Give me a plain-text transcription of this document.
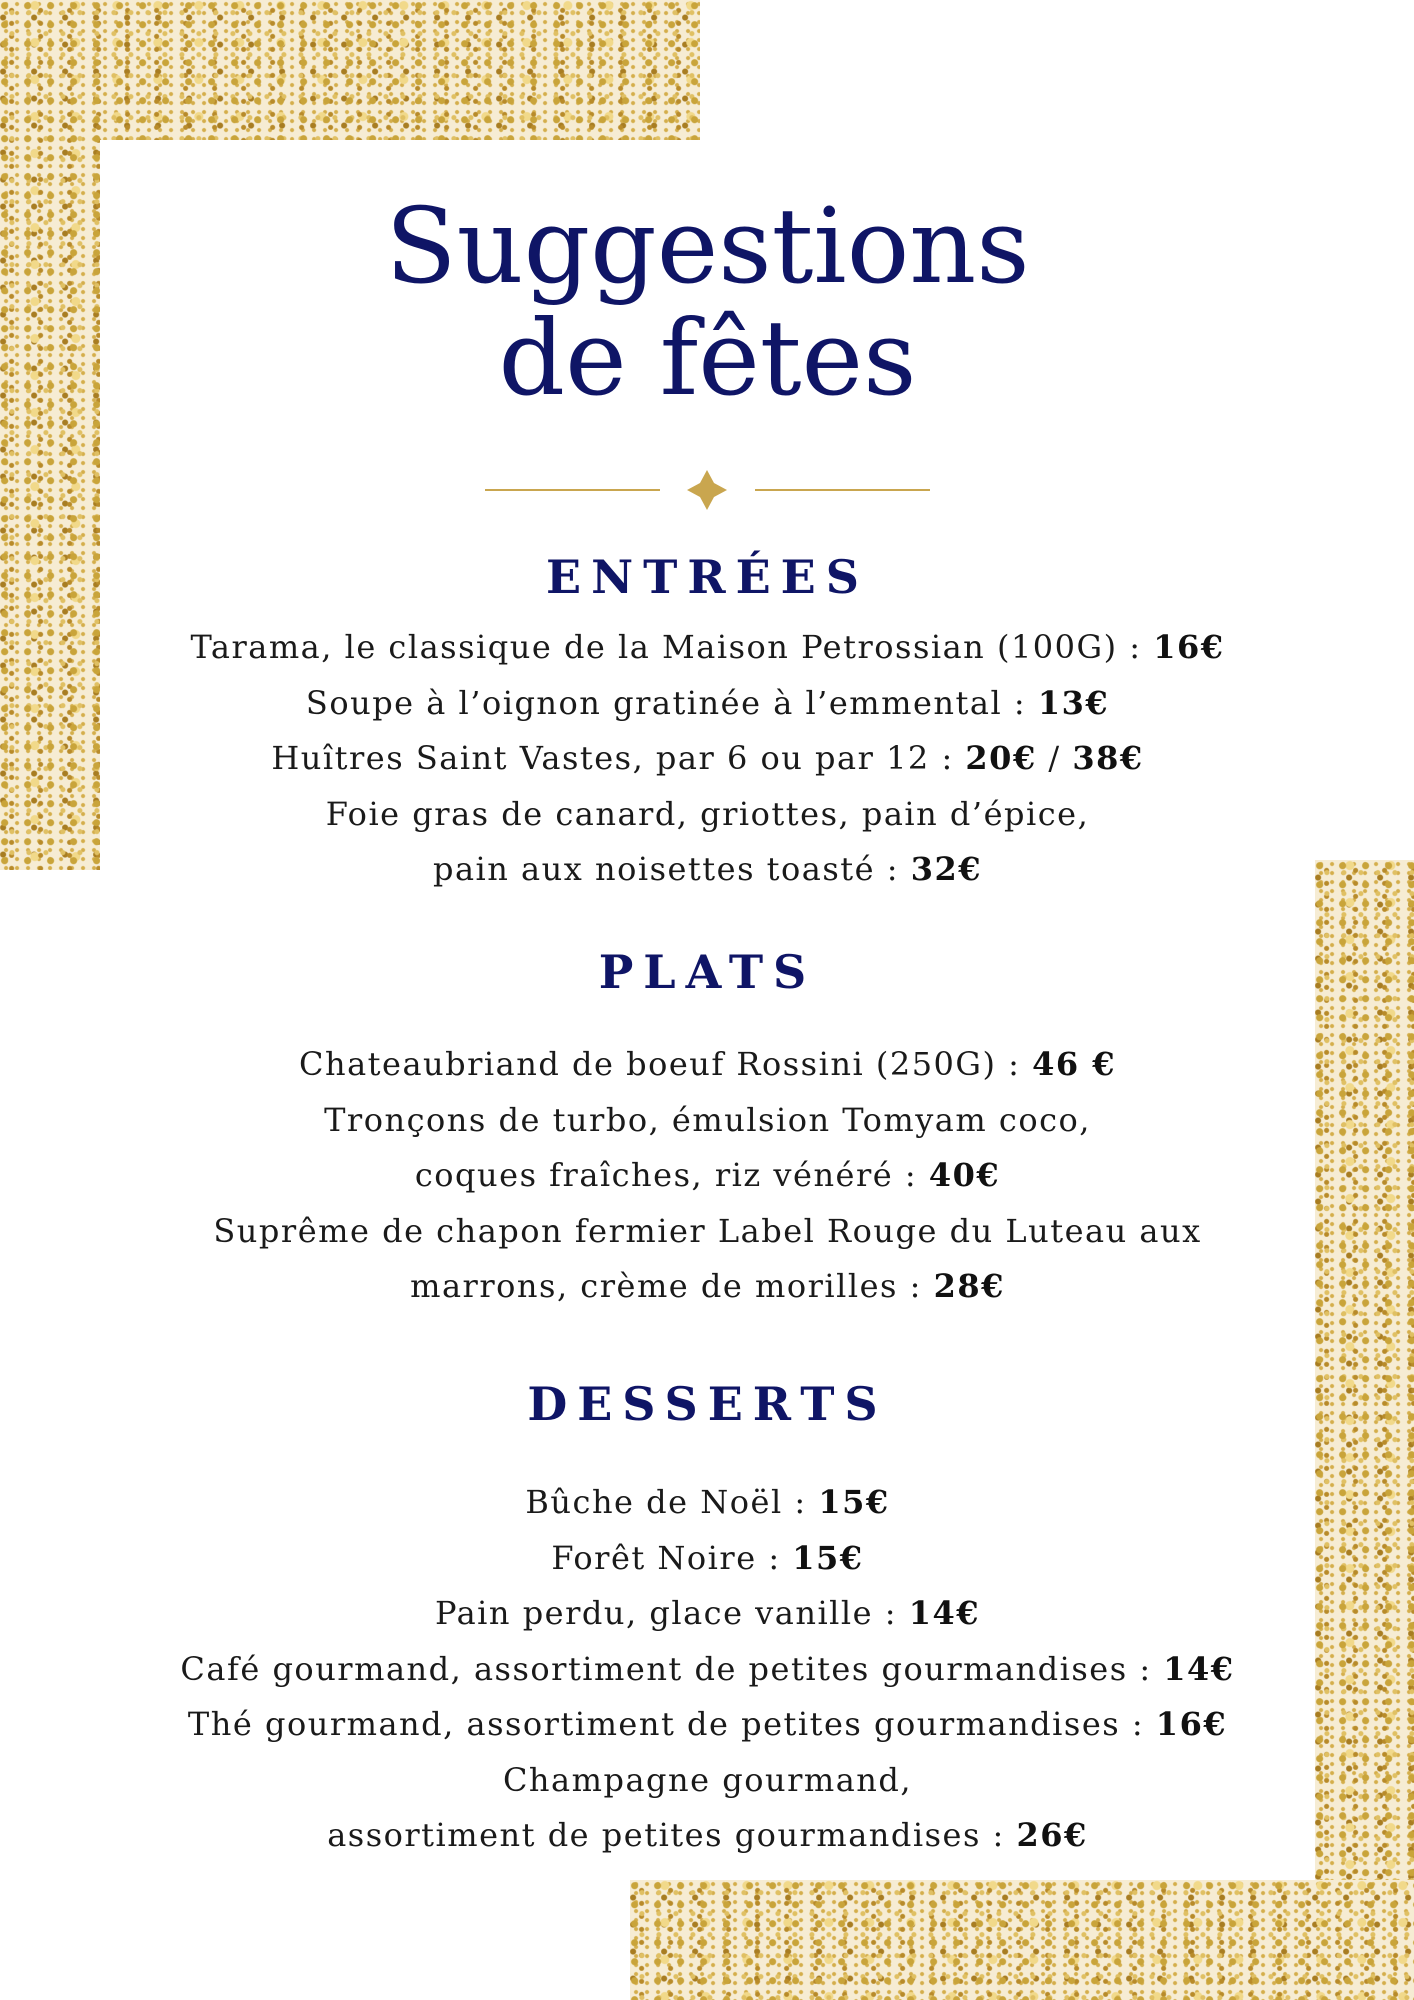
Suggestions
de fêtes
ENTRÉES
Tarama, le classique de la Maison Petrossian (100G) : 16€
Soupe à l’oignon gratinée à l’emmental : 13€
Huîtres Saint Vastes, par 6 ou par 12 : 20€ / 38€
Foie gras de canard, griottes, pain d’épice,
pain aux noisettes toasté : 32€
PLATS
Chateaubriand de boeuf Rossini (250G) : 46 €
Tronçons de turbo, émulsion Tomyam coco,
coques fraîches, riz vénéré : 40€
Suprême de chapon fermier Label Rouge du Luteau aux
marrons, crème de morilles : 28€
DESSERTS
Bûche de Noël : 15€
Forêt Noire : 15€
Pain perdu, glace vanille : 14€
Café gourmand, assortiment de petites gourmandises : 14€
Thé gourmand, assortiment de petites gourmandises : 16€
Champagne gourmand,
assortiment de petites gourmandises : 26€
